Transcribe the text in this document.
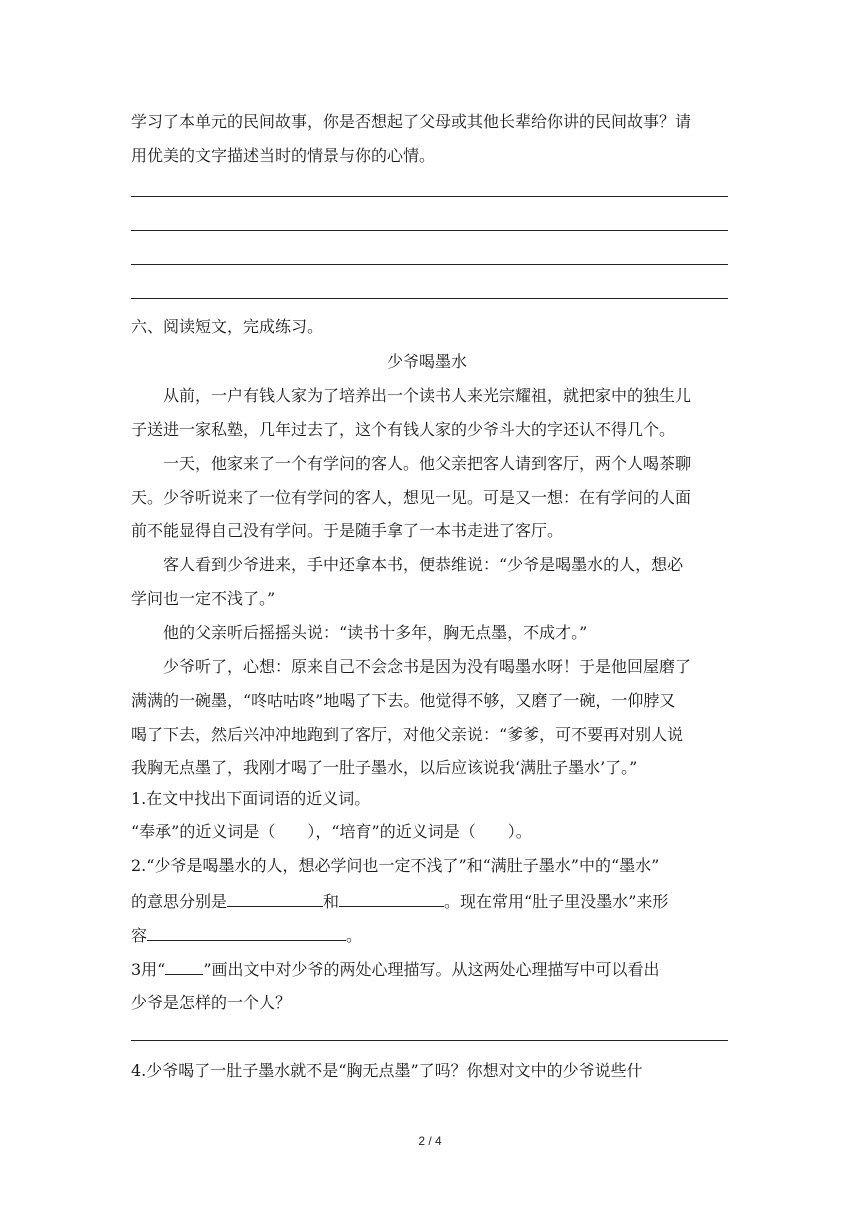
学习了本单元的民间故事，你是否想起了父母或其他长辈给你讲的民间故事？请
用优美的文字描述当时的情景与你的心情。
六、阅读短文，完成练习。
少爷喝墨水
从前，一户有钱人家为了培养出一个读书人来光宗耀祖，就把家中的独生儿
子送进一家私塾，几年过去了，这个有钱人家的少爷斗大的字还认不得几个。
一天，他家来了一个有学问的客人。他父亲把客人请到客厅，两个人喝茶聊
天。少爷听说来了一位有学问的客人，想见一见。可是又一想：在有学问的人面
前不能显得自己没有学问。于是随手拿了一本书走进了客厅。
客人看到少爷进来，手中还拿本书，便恭维说：“少爷是喝墨水的人，想必
学问也一定不浅了。”
他的父亲听后摇摇头说：“读书十多年，胸无点墨，不成才。”
少爷听了，心想：原来自己不会念书是因为没有喝墨水呀！于是他回屋磨了
满满的一碗墨，“咚咕咕咚”地喝了下去。他觉得不够，又磨了一碗，一仰脖又
喝了下去，然后兴冲冲地跑到了客厅，对他父亲说：“爹爹，可不要再对别人说
我胸无点墨了，我刚才喝了一肚子墨水，以后应该说我‘满肚子墨水’了。”
1.在文中找出下面词语的近义词。
“奉承”的近义词是（　　），“培育”的近义词是（　　）。
2.“少爷是喝墨水的人，想必学问也一定不浅了”和“满肚子墨水”中的“墨水”
的意思分别是	和	。现在常用“肚子里没墨水”来形
容	。
3用“ ”画出文中对少爷的两处心理描写。从这两处心理描写中可以看出
少爷是怎样的一个人？
4.少爷喝了一肚子墨水就不是“胸无点墨”了吗？你想对文中的少爷说些什
2 / 4
